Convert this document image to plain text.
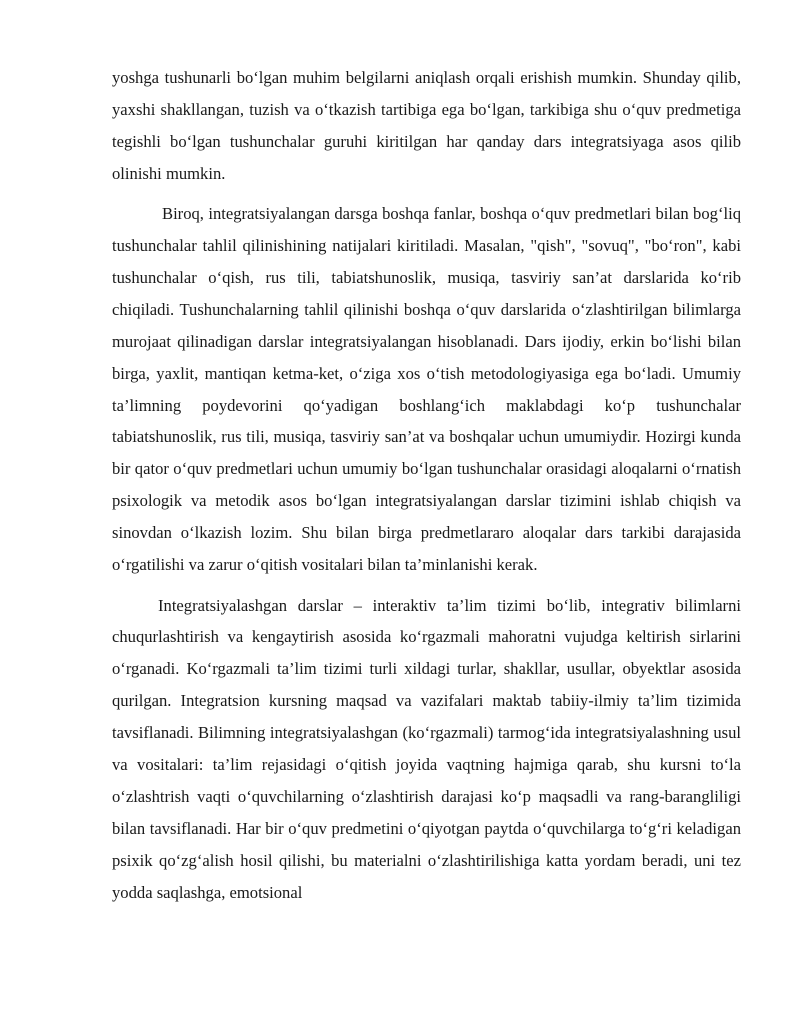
yoshga tushunarli bo‘lgan muhim belgilarni aniqlash orqali erishish mumkin. Shunday qilib, yaxshi shakllangan, tuzish va o‘tkazish tartibiga ega bo‘lgan, tarkibiga shu o‘quv predmetiga tegishli bo‘lgan tushunchalar guruhi kiritilgan har qanday dars integratsiyaga asos qilib olinishi mumkin.

Biroq, integratsiyalangan darsga boshqa fanlar, boshqa o‘quv predmetlari bilan bog‘liq tushunchalar tahlil qilinishining natijalari kiritiladi. Masalan, "qish", "sovuq", "bo‘ron", kabi tushunchalar o‘qish, rus tili, tabiatshunoslik, musiqa, tasviriy san’at darslarida ko‘rib chiqiladi. Tushunchalarning tahlil qilinishi boshqa o‘quv darslarida o‘zlashtirilgan bilimlarga murojaat qilinadigan darslar integratsiyalangan hisoblanadi. Dars ijodiy, erkin bo‘lishi bilan birga, yaxlit, mantiqan ketma-ket, o‘ziga xos o‘tish metodologiyasiga ega bo‘ladi. Umumiy ta’limning poydevorini qo‘yadigan boshlang‘ich maklabdagi ko‘p tushunchalar tabiatshunoslik, rus tili, musiqa, tasviriy san’at va boshqalar uchun umumiydir. Hozirgi kunda bir qator o‘quv predmetlari uchun umumiy bo‘lgan tushunchalar orasidagi aloqalarni o‘rnatish psixologik va metodik asos bo‘lgan integratsiyalangan darslar tizimini ishlab chiqish va sinovdan o‘lkazish lozim. Shu bilan birga predmetlararo aloqalar dars tarkibi darajasida o‘rgatilishi va zarur o‘qitish vositalari bilan ta’minlanishi kerak.

Integratsiyalashgan darslar – interaktiv ta’lim tizimi bo‘lib, integrativ bilimlarni chuqurlashtirish va kengaytirish asosida ko‘rgazmali mahoratni vujudga keltirish sirlarini o‘rganadi. Ko‘rgazmali ta’lim tizimi turli xildagi turlar, shakllar, usullar, obyektlar asosida qurilgan. Integratsion kursning maqsad va vazifalari maktab tabiiy-ilmiy ta’lim tizimida tavsiflanadi. Bilimning integratsiyalashgan (ko‘rgazmali) tarmog‘ida integratsiyalashning usul va vositalari: ta’lim rejasidagi o‘qitish joyida vaqtning hajmiga qarab, shu kursni to‘la o‘zlashtrish vaqti o‘quvchilarning o‘zlashtirish darajasi ko‘p maqsadli va rang-barangliligi bilan tavsiflanadi. Har bir o‘quv predmetini o‘qiyotgan paytda o‘quvchilarga to‘g‘ri keladigan psixik qo‘zg‘alish hosil qilishi, bu materialni o‘zlashtirilishiga katta yordam beradi, uni tez yodda saqlashga, emotsional
